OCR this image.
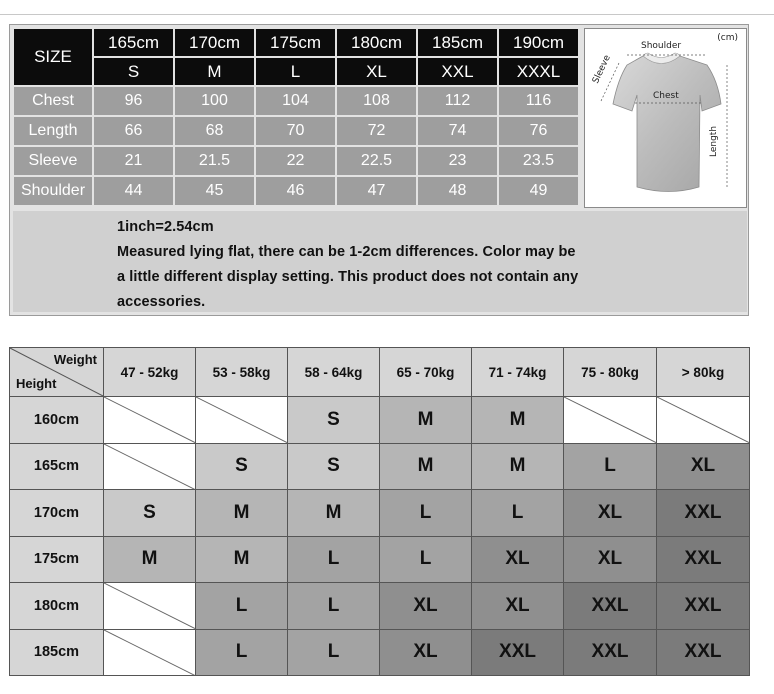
SIZE	165cm	170cm	175cm	180cm	185cm	190cm
	S	M	L	XL	XXL	XXXL
Chest	96	100	104	108	112	116
Length	66	68	70	72	74	76
Sleeve	21	21.5	22	22.5	23	23.5
Shoulder	44	45	46	47	48	49
(cm)
Shoulder
Sleeve
Chest
Length

1inch=2.54cm

Measured lying flat, there can be 1-2cm differences. Color may be

a little different display setting. This product does not contain any

accessories.

Weight
Height	47 - 52kg	53 - 58kg	58 - 64kg	65 - 70kg	71 - 74kg	75 - 80kg	> 80kg
160cm			S	M	M	

165cm		S	S	M	M	L	XL
170cm	S	M	M	L	L	XL	XXL
175cm	M	M	L	L	XL	XL	XXL
180cm		L	L	XL	XL	XXL	XXL
185cm		L	L	XL	XXL	XXL	XXL
